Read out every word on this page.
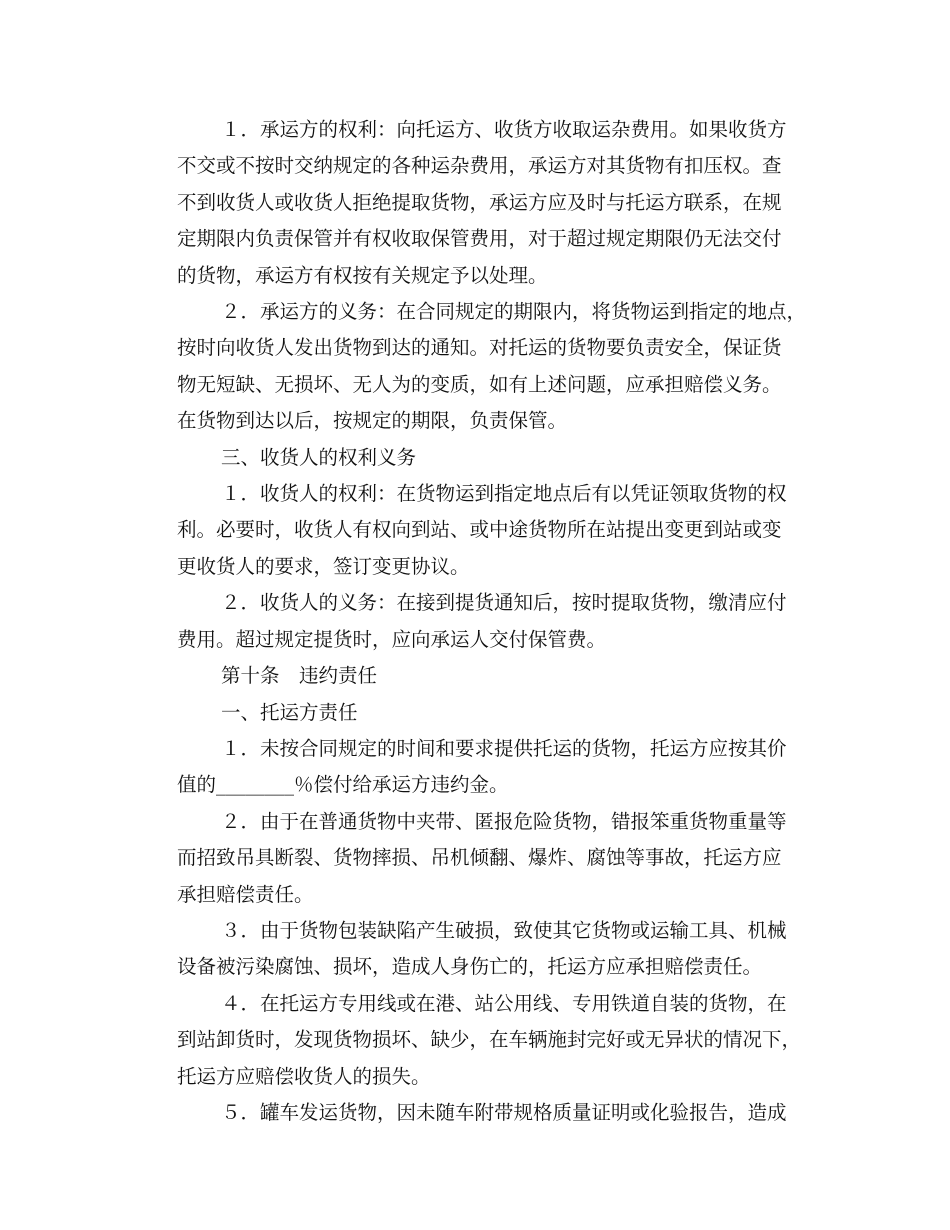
１．承运方的权利：向托运方、收货方收取运杂费用。如果收货方
不交或不按时交纳规定的各种运杂费用，承运方对其货物有扣压权。查
不到收货人或收货人拒绝提取货物，承运方应及时与托运方联系，在规
定期限内负责保管并有权收取保管费用，对于超过规定期限仍无法交付
的货物，承运方有权按有关规定予以处理。
２．承运方的义务：在合同规定的期限内，将货物运到指定的地点，
按时向收货人发出货物到达的通知。对托运的货物要负责安全，保证货
物无短缺、无损坏、无人为的变质，如有上述问题，应承担赔偿义务。
在货物到达以后，按规定的期限，负责保管。
三、收货人的权利义务
１．收货人的权利：在货物运到指定地点后有以凭证领取货物的权
利。必要时，收货人有权向到站、或中途货物所在站提出变更到站或变
更收货人的要求，签订变更协议。
２．收货人的义务：在接到提货通知后，按时提取货物，缴清应付
费用。超过规定提货时，应向承运人交付保管费。
第十条　违约责任
一、托运方责任
１．未按合同规定的时间和要求提供托运的货物，托运方应按其价
值的________％偿付给承运方违约金。
２．由于在普通货物中夹带、匿报危险货物，错报笨重货物重量等
而招致吊具断裂、货物摔损、吊机倾翻、爆炸、腐蚀等事故，托运方应
承担赔偿责任。
３．由于货物包装缺陷产生破损，致使其它货物或运输工具、机械
设备被污染腐蚀、损坏，造成人身伤亡的，托运方应承担赔偿责任。
４．在托运方专用线或在港、站公用线、专用铁道自装的货物，在
到站卸货时，发现货物损坏、缺少，在车辆施封完好或无异状的情况下，
托运方应赔偿收货人的损失。
５．罐车发运货物，因未随车附带规格质量证明或化验报告，造成
